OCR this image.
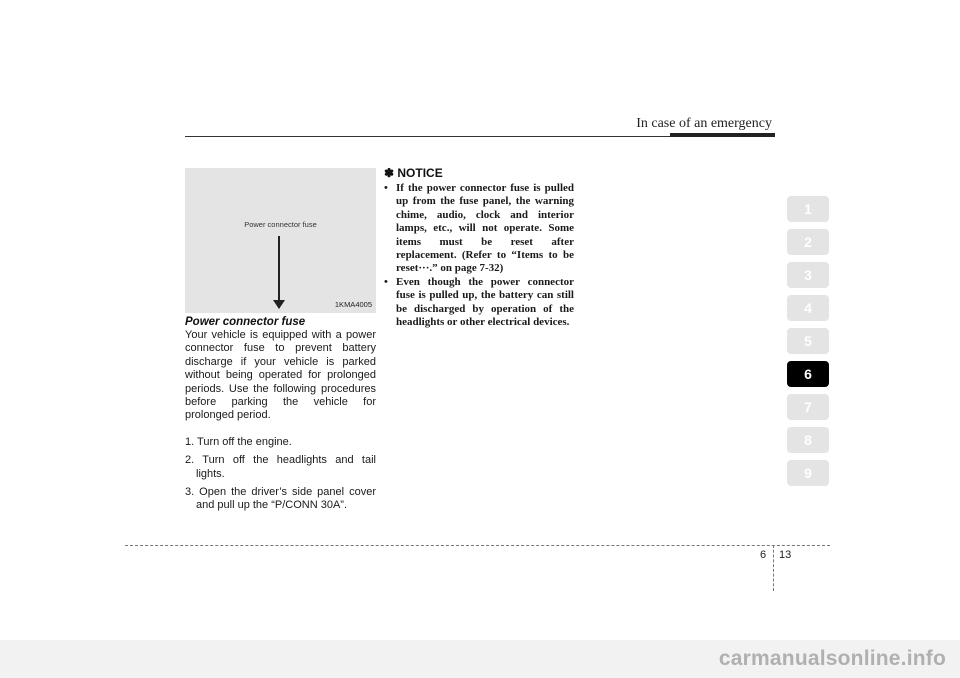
In case of an emergency
Power connector fuse
1KMA4005
Power connector fuse

Your vehicle is equipped with a power connector fuse to prevent battery discharge if your vehicle is parked without being operated for prolonged periods. Use the following procedures before parking the vehicle for prolonged period.

1. Turn off the engine.

2. Turn off the headlights and tail lights.

3. Open the driver’s side panel cover and pull up the “P/CONN 30A”.

✽ NOTICE

• If the power connector fuse is pulled up from the fuse panel, the warning chime, audio, clock and interior lamps, etc., will not operate. Some items must be reset after replacement. (Refer to “Items to be reset···.” on page 7-32)

• Even though the power connector fuse is pulled up, the battery can still be discharged by operation of the headlights or other electrical devices.

1
2
3
4
5
6
7
8
9
6 13
carmanualsonline.info
